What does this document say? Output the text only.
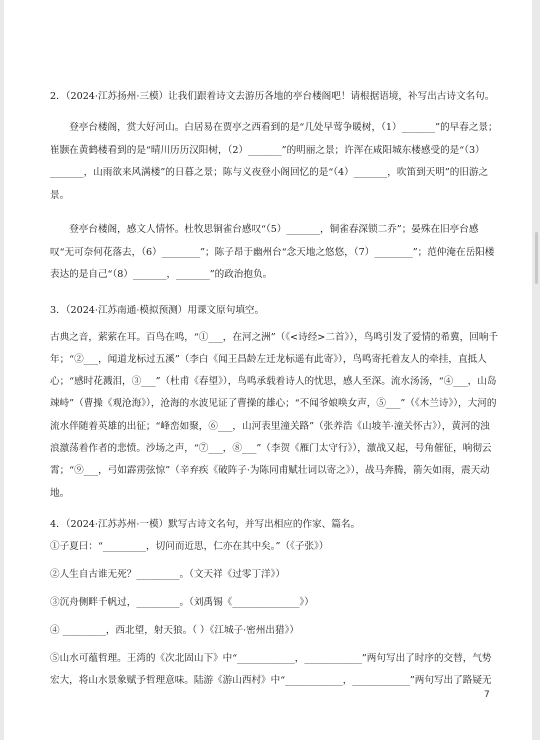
2．（2024·江苏扬州·三模）让我们跟着诗文去游历各地的亭台楼阁吧！请根据语境，补写出古诗文名句。

登亭台楼阁，赏大好河山。白居易在贾亭之西看到的是“几处早莺争暖树，（1）_______”的早春之景；崔颢在黄鹤楼看到的是“晴川历历汉阳树，（2）_______”的明丽之景；许浑在咸阳城东楼感受的是“（3）_______，山雨欲来风满楼”的日暮之景；陈与义夜登小阁回忆的是“（4）_______，吹笛到天明”的旧游之景。

登亭台楼阁，感文人情怀。杜牧思铜雀台感叹“（5）_______，铜雀春深锁二乔”；晏殊在旧亭台感叹“无可奈何花落去，（6）________”；陈子昂于幽州台“念天地之悠悠，（7）________”；范仲淹在岳阳楼表达的是自己“（8）_______，_______”的政治抱负。

3．（2024·江苏南通·模拟预测）用课文原句填空。

古典之音，萦萦在耳。百鸟在鸣，“①___，在河之洲”（《<诗经>二首》），鸟鸣引发了爱情的希冀，回响千年；“②___，闻道龙标过五溪”（李白《闻王昌龄左迁龙标遥有此寄》），鸟鸣寄托着友人的牵挂，直抵人心；“感时花溅泪，③___”（杜甫《春望》），鸟鸣承载着诗人的忧思，感人至深。流水汤汤，“④___，山岛竦峙”（曹操《观沧海》），沧海的水波见证了曹操的雄心；“不闻爷娘唤女声，⑤___”（《木兰诗》），大河的流水伴随着英雄的出征；“峰峦如聚，⑥___，山河表里潼关路”（张养浩《山坡羊·潼关怀古》），黄河的浊浪激荡着作者的悲愤。沙场之声，“⑦___，⑧___”（李贺《雁门太守行》），激战又起，号角催征，响彻云霄；“⑨___，弓如霹雳弦惊”（辛弃疾《破阵子·为陈同甫赋壮词以寄之》），战马奔腾，箭矢如雨，震天动地。

4．（2024·江苏苏州·一模）默写古诗文名句，并写出相应的作家、篇名。

①子夏曰：“_________，切问而近思，仁亦在其中矣。”（《子张》）

②人生自古谁无死？_________。（文天祥《过零丁洋》）

③沉舟侧畔千帆过，_________。（刘禹锡《______________》）

④ _________，西北望，射天狼。（ ）《江城子·密州出猎》）

⑤山水可蕴哲理。王湾的《次北固山下》中“____________，____________”两句写出了时序的交替，气势宏大，将山水景象赋予哲理意味。陆游《游山西村》中“____________，____________”两句写出了路疑无

7
